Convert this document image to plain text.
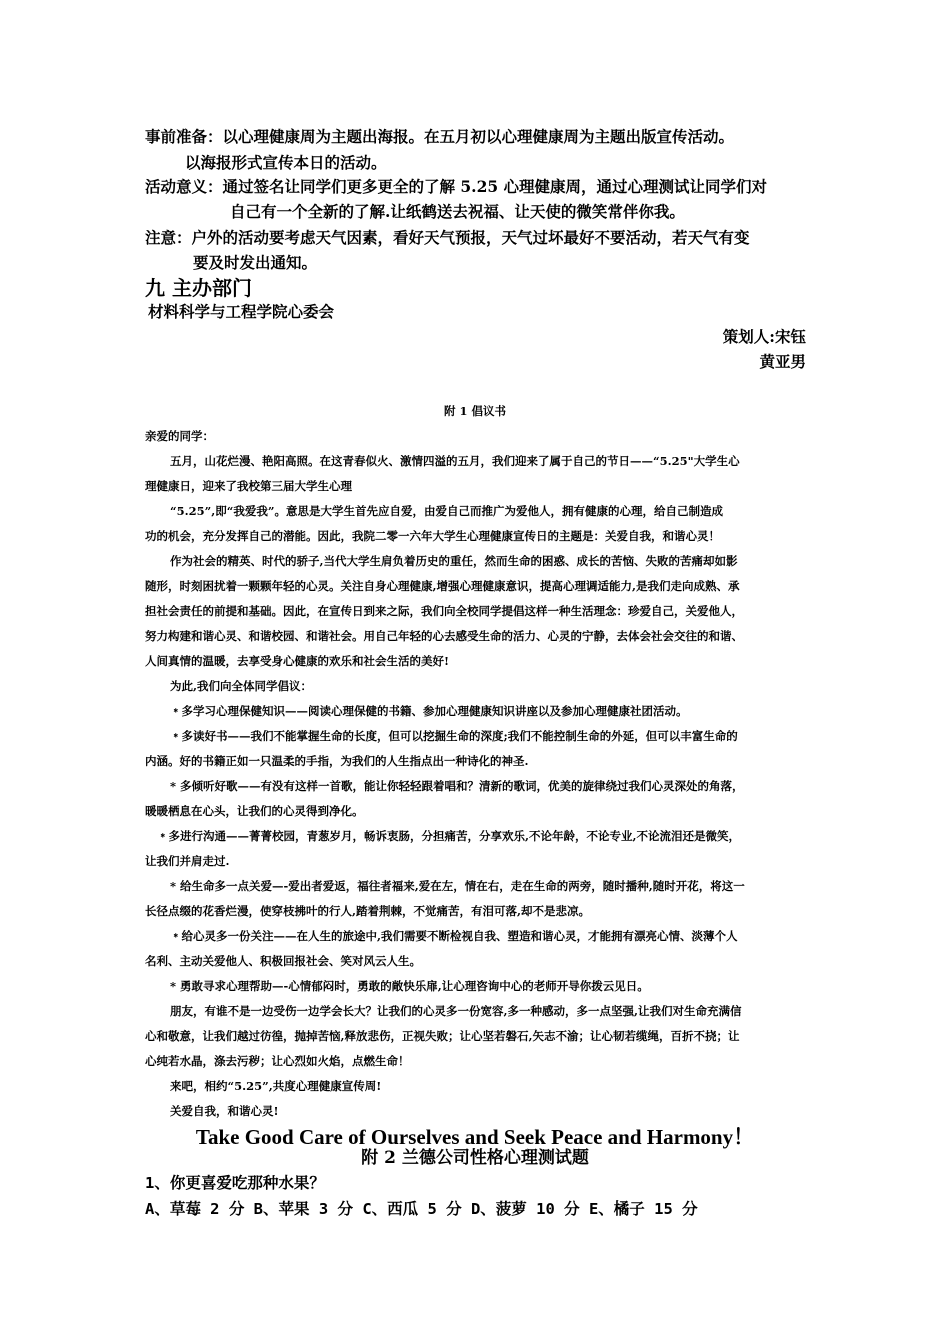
事前准备：以心理健康周为主题出海报。在五月初以心理健康周为主题出版宣传活动。
以海报形式宣传本日的活动。
活动意义：通过签名让同学们更多更全的了解 5.25 心理健康周，通过心理测试让同学们对
自己有一个全新的了解.让纸鹤送去祝福、让天使的微笑常伴你我。
注意：户外的活动要考虑天气因素，看好天气预报，天气过坏最好不要活动，若天气有变
要及时发出通知。
九 主办部门
材料科学与工程学院心委会
策划人:宋钰
黄亚男
附 1 倡议书
亲爱的同学：
五月，山花烂漫、艳阳高照。在这青春似火、激情四溢的五月，我们迎来了属于自己的节日——“5.25"大学生心
理健康日，迎来了我校第三届大学生心理
“5.25”,即“我爱我”。意思是大学生首先应自爱，由爱自己而推广为爱他人，拥有健康的心理，给自己制造成
功的机会，充分发挥自己的潜能。因此，我院二零一六年大学生心理健康宣传日的主题是：关爱自我，和谐心灵！
作为社会的精英、时代的骄子,当代大学生肩负着历史的重任，然而生命的困惑、成长的苦恼、失败的苦痛却如影
随形，时刻困扰着一颗颗年轻的心灵。关注自身心理健康,增强心理健康意识，提高心理调适能力,是我们走向成熟、承
担社会责任的前提和基础。因此，在宣传日到来之际，我们向全校同学提倡这样一种生活理念：珍爱自己，关爱他人，
努力构建和谐心灵、和谐校园、和谐社会。用自己年轻的心去感受生命的活力、心灵的宁静，去体会社会交往的和谐、
人间真情的温暖，去享受身心健康的欢乐和社会生活的美好!
为此,我们向全体同学倡议：
﹡多学习心理保健知识——阅读心理保健的书籍、参加心理健康知识讲座以及参加心理健康社团活动。
﹡多读好书——我们不能掌握生命的长度，但可以挖掘生命的深度;我们不能控制生命的外延，但可以丰富生命的
内涵。好的书籍正如一只温柔的手指，为我们的人生指点出一种诗化的神圣.
* 多倾听好歌——有没有这样一首歌，能让你轻轻跟着唱和？清新的歌词，优美的旋律绕过我们心灵深处的角落，
暖暖栖息在心头，让我们的心灵得到净化。
﹡多进行沟通——菁菁校园，青葱岁月，畅诉衷肠，分担痛苦，分享欢乐,不论年龄，不论专业,不论流泪还是微笑，
让我们并肩走过.
* 给生命多一点关爱—-爱出者爱返，福往者福来,爱在左，情在右，走在生命的两旁，随时播种,随时开花，将这一
长径点缀的花香烂漫，使穿枝拂叶的行人,踏着荆棘，不觉痛苦，有泪可落,却不是悲凉。
﹡给心灵多一份关注——在人生的旅途中,我们需要不断检视自我、塑造和谐心灵，才能拥有漂亮心情、淡薄个人
名利、主动关爱他人、积极回报社会、笑对风云人生。
* 勇敢寻求心理帮助—-心情郁闷时，勇敢的敞快乐扉,让心理咨询中心的老师开导你拨云见日。
朋友，有谁不是一边受伤一边学会长大？让我们的心灵多一份宽容,多一种感动，多一点坚强,让我们对生命充满信
心和敬意，让我们越过彷徨，抛掉苦恼,释放悲伤，正视失败；让心坚若磐石,矢志不渝；让心韧若缆绳，百折不挠；让
心纯若水晶，涤去污秽；让心烈如火焰，点燃生命！
来吧，相约“5.25”,共度心理健康宣传周!
关爱自我，和谐心灵!
Take Good Care of Ourselves and Seek Peace and Harmony！
附 2 兰德公司性格心理测试题
1、你更喜爱吃那种水果？
A、草莓 2 分 B、苹果 3 分 C、西瓜 5 分 D、菠萝 10 分 E、橘子 15 分
